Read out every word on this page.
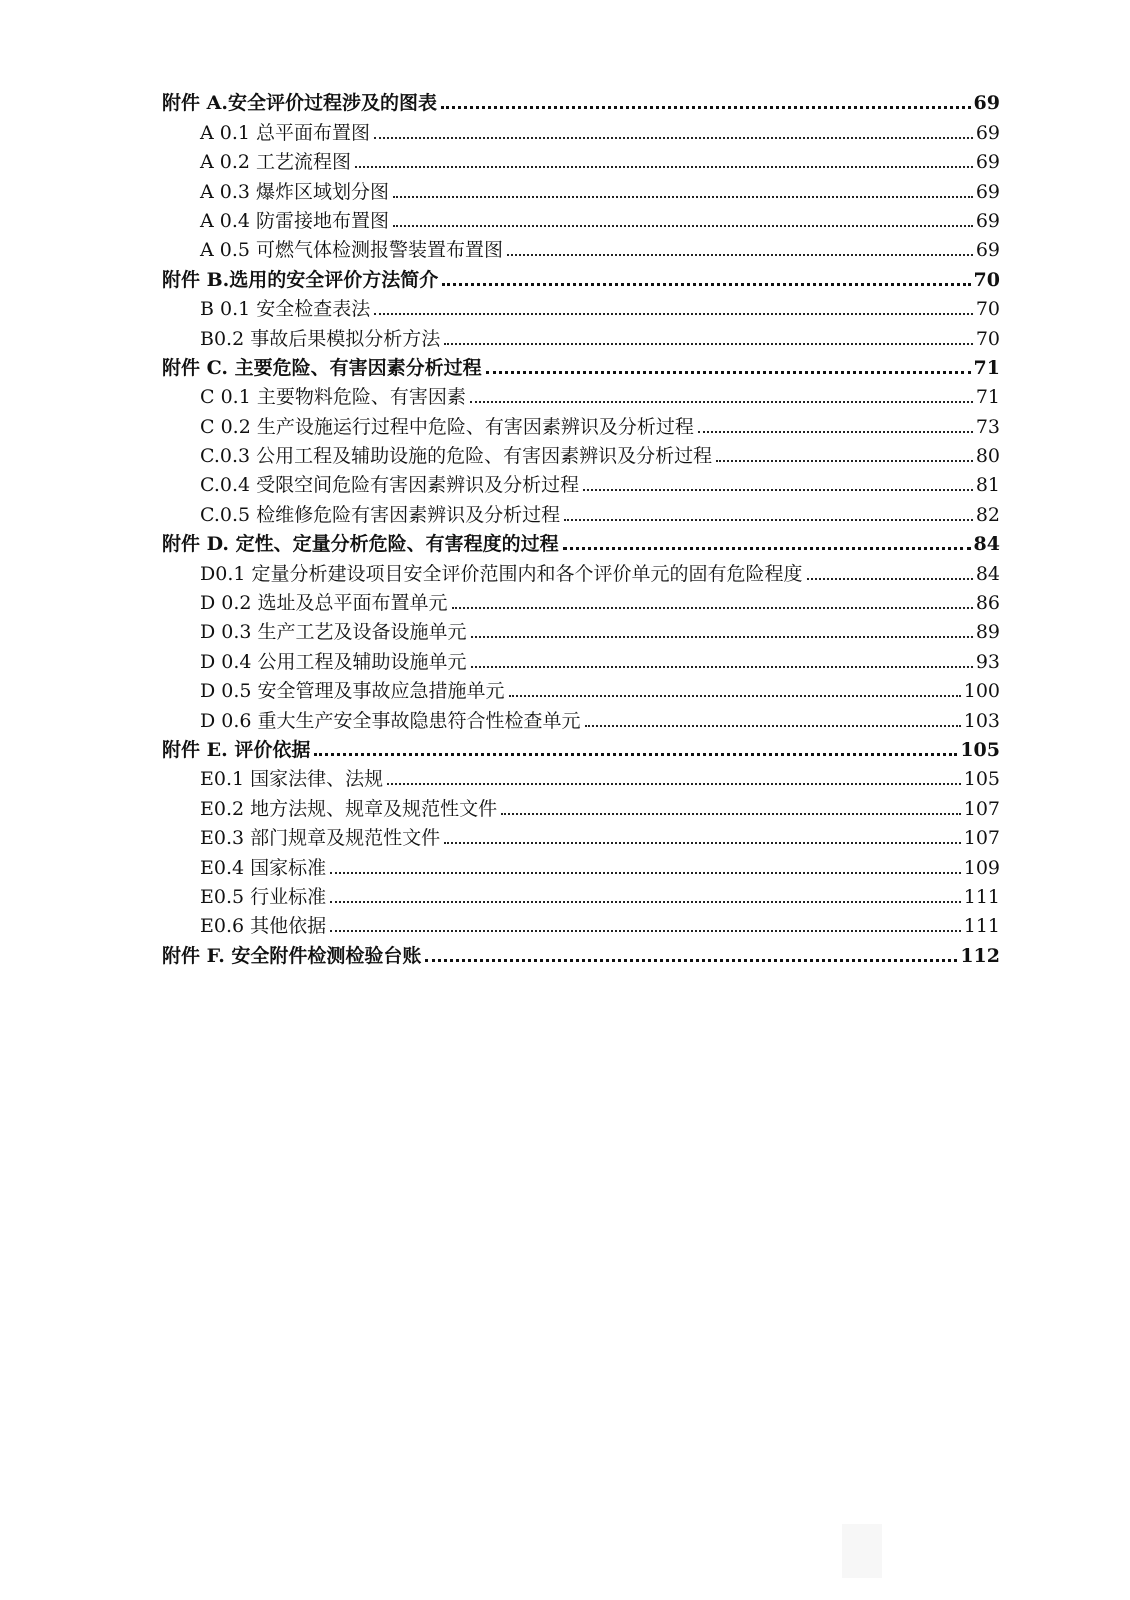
附件 A.安全评价过程涉及的图表	69
A 0.1 总平面布置图	69
A 0.2 工艺流程图	69
A 0.3 爆炸区域划分图	69
A 0.4 防雷接地布置图	69
A 0.5 可燃气体检测报警装置布置图	69
附件 B.选用的安全评价方法简介	70
B 0.1 安全检查表法	70
B0.2 事故后果模拟分析方法	70
附件 C. 主要危险、有害因素分析过程	71
C 0.1 主要物料危险、有害因素	71
C 0.2 生产设施运行过程中危险、有害因素辨识及分析过程	73
C.0.3 公用工程及辅助设施的危险、有害因素辨识及分析过程	80
C.0.4 受限空间危险有害因素辨识及分析过程	81
C.0.5 检维修危险有害因素辨识及分析过程	82
附件 D. 定性、定量分析危险、有害程度的过程	84
D0.1 定量分析建设项目安全评价范围内和各个评价单元的固有危险程度	84
D 0.2 选址及总平面布置单元	86
D 0.3 生产工艺及设备设施单元	89
D 0.4 公用工程及辅助设施单元	93
D 0.5 安全管理及事故应急措施单元	100
D 0.6 重大生产安全事故隐患符合性检查单元	103
附件 E. 评价依据	105
E0.1 国家法律、法规	105
E0.2 地方法规、规章及规范性文件	107
E0.3 部门规章及规范性文件	107
E0.4 国家标准	109
E0.5 行业标准	111
E0.6 其他依据	111
附件 F. 安全附件检测检验台账	112
